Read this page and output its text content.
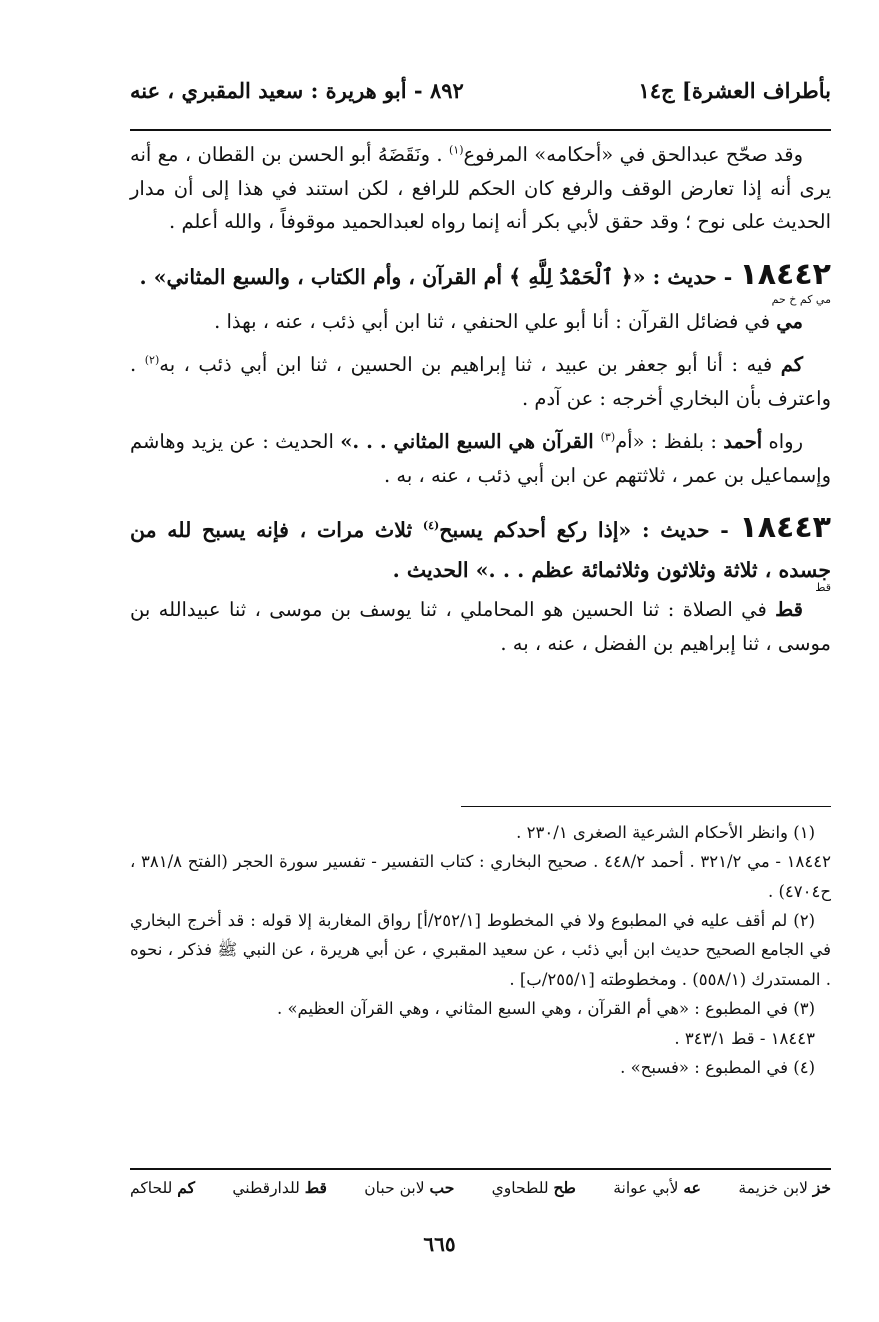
بأطراف العشرة] ج١٤
٨٩٢ - أبو هريرة : سعيد المقبري ، عنه

وقد صحّح عبدالحق في «أحكامه» المرفوع$^{(١)}$ . ونَقَضَهُ أبو الحسن بن القطان ، مع أنه يرى أنه إذا تعارض الوقف والرفع كان الحكم للرافع ، لكن استند في هذا إلى أن مدار الحديث على نوح ؛ وقد حقق لأبي بكر أنه إنما رواه لعبدالحميد موقوفاً ، والله أعلم .

١٨٤٤٢ - حديث : «﴿ ٱلْحَمْدُ لِلَّهِ ﴾ أم القرآن ، وأم الكتاب ، والسبع المثاني» .
مي كم خ حم

مي في فضائل القرآن : أنا أبو علي الحنفي ، ثنا ابن أبي ذئب ، عنه ، بهذا .

كم فيه : أنا أبو جعفر بن عبيد ، ثنا إبراهيم بن الحسين ، ثنا ابن أبي ذئب ، به$^{(٢)}$ . واعترف بأن البخاري أخرجه : عن آدم .

رواه أحمد : بلفظ : «أم$^{(٣)}$ القرآن هي السبع المثاني . . .» الحديث : عن يزيد وهاشم وإسماعيل بن عمر ، ثلاثتهم عن ابن أبي ذئب ، عنه ، به .

١٨٤٤٣ - حديث : «إذا ركع أحدكم يسبح$^{(٤)}$ ثلاث مرات ، فإنه يسبح لله من جسده ، ثلاثة وثلاثون وثلاثمائة عظم . . .» الحديث .
قط

قط في الصلاة : ثنا الحسين هو المحاملي ، ثنا يوسف بن موسى ، ثنا عبيدالله بن موسى ، ثنا إبراهيم بن الفضل ، عنه ، به .

(١) وانظر الأحكام الشرعية الصغرى ٢٣٠/١ .

١٨٤٤٢ - مي ٣٢١/٢ . أحمد ٤٤٨/٢ . صحيح البخاري : كتاب التفسير - تفسير سورة الحجر (الفتح ٣٨١/٨ ، ح٤٧٠٤) .

(٢) لم أقف عليه في المطبوع ولا في المخطوط [٢٥٢/١/أ] رواق المغاربة إلا قوله : قد أخرج البخاري في الجامع الصحيح حديث ابن أبي ذئب ، عن سعيد المقبري ، عن أبي هريرة ، عن النبي ﷺ فذكر ، نحوه . المستدرك (٥٥٨/١) . ومخطوطته [٢٥٥/١/ب] .

(٣) في المطبوع : «هي أم القرآن ، وهي السبع المثاني ، وهي القرآن العظيم» .

١٨٤٤٣ - قط ٣٤٣/١ .

(٤) في المطبوع : «فسبح» .

خز لابن خزيمة
عه لأبي عوانة
طح للطحاوي
حب لابن حبان
قط للدارقطني
كم للحاكم
٦٦٥
